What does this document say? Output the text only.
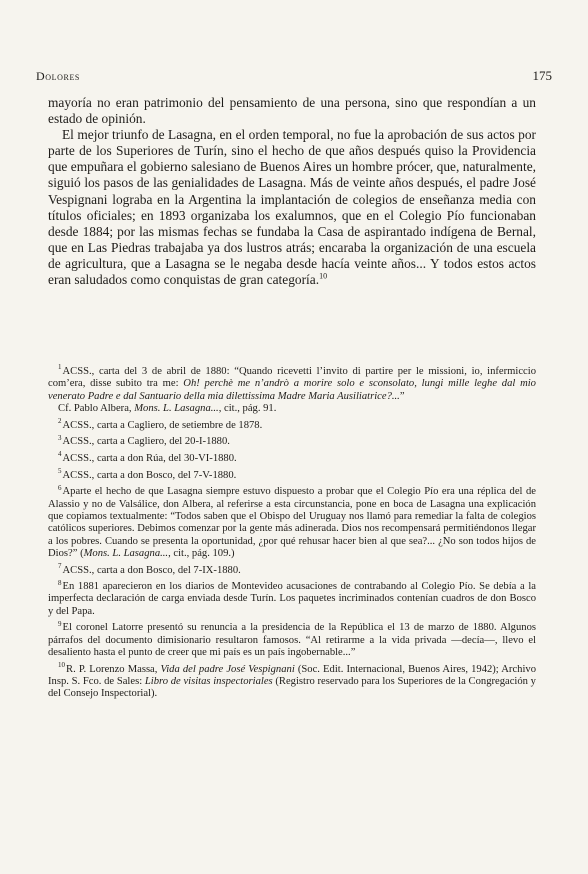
Dolores	175

mayoría no eran patrimonio del pensamiento de una persona, sino que respondían a un estado de opinión.

El mejor triunfo de Lasagna, en el orden temporal, no fue la aprobación de sus actos por parte de los Superiores de Turín, sino el hecho de que años después quiso la Providencia que empuñara el gobierno salesiano de Buenos Aires un hombre prócer, que, naturalmente, siguió los pasos de las genialidades de Lasagna. Más de veinte años después, el padre José Vespignani lograba en la Argentina la implantación de colegios de enseñanza media con títulos oficiales; en 1893 organizaba los exalumnos, que en el Colegio Pío funcionaban desde 1884; por las mismas fechas se fundaba la Casa de aspirantado indígena de Bernal, que en Las Piedras trabajaba ya dos lustros atrás; encaraba la organización de una escuela de agricultura, que a Lasagna se le negaba desde hacía veinte años... Y todos estos actos eran saludados como conquistas de gran categoría.$^{10}$

$^1$ACSS., carta del 3 de abril de 1880: “Quando ricevetti l’invito di partire per le missioni, io, infermiccio com’era, disse subito tra me: Oh! perchè me n’andrò a morire solo e sconsolato, lungi mille leghe dal mio venerato Padre e dal Santuario della mia dilettissima Madre Maria Ausiliatrice?...”
Cf. Pablo Albera, Mons. L. Lasagna..., cit., pág. 91.

$^2$ACSS., carta a Cagliero, de setiembre de 1878.

$^3$ACSS., carta a Cagliero, del 20-I-1880.

$^4$ACSS., carta a don Rúa, del 30-VI-1880.

$^5$ACSS., carta a don Bosco, del 7-V-1880.

$^6$Aparte el hecho de que Lasagna siempre estuvo dispuesto a probar que el Colegio Pío era una réplica del de Alassio y no de Valsálice, don Albera, al referirse a esta circunstancia, pone en boca de Lasagna una explicación que copiamos textualmente: “Todos saben que el Obispo del Uruguay nos llamó para remediar la falta de colegios católicos superiores. Debimos comenzar por la gente más adinerada. Dios nos recompensará permitiéndonos llegar a los pobres. Cuando se presenta la oportunidad, ¿por qué rehusar hacer bien al que sea?... ¿No son todos hijos de Dios?” (Mons. L. Lasagna..., cit., pág. 109.)

$^7$ACSS., carta a don Bosco, del 7-IX-1880.

$^8$En 1881 aparecieron en los diarios de Montevideo acusaciones de contrabando al Colegio Pío. Se debía a la imperfecta declaración de carga enviada desde Turín. Los paquetes incriminados contenían cuadros de don Bosco y del Papa.

$^9$El coronel Latorre presentó su renuncia a la presidencia de la República el 13 de marzo de 1880. Algunos párrafos del documento dimisionario resultaron famosos. “Al retirarme a la vida privada —decía—, llevo el desaliento hasta el punto de creer que mi país es un país ingobernable...”

$^{10}$R. P. Lorenzo Massa, Vida del padre José Vespignani (Soc. Edit. Internacional, Buenos Aires, 1942); Archivo Insp. S. Fco. de Sales: Libro de visitas inspectoriales (Registro reservado para los Superiores de la Congregación y del Consejo Inspectorial).
